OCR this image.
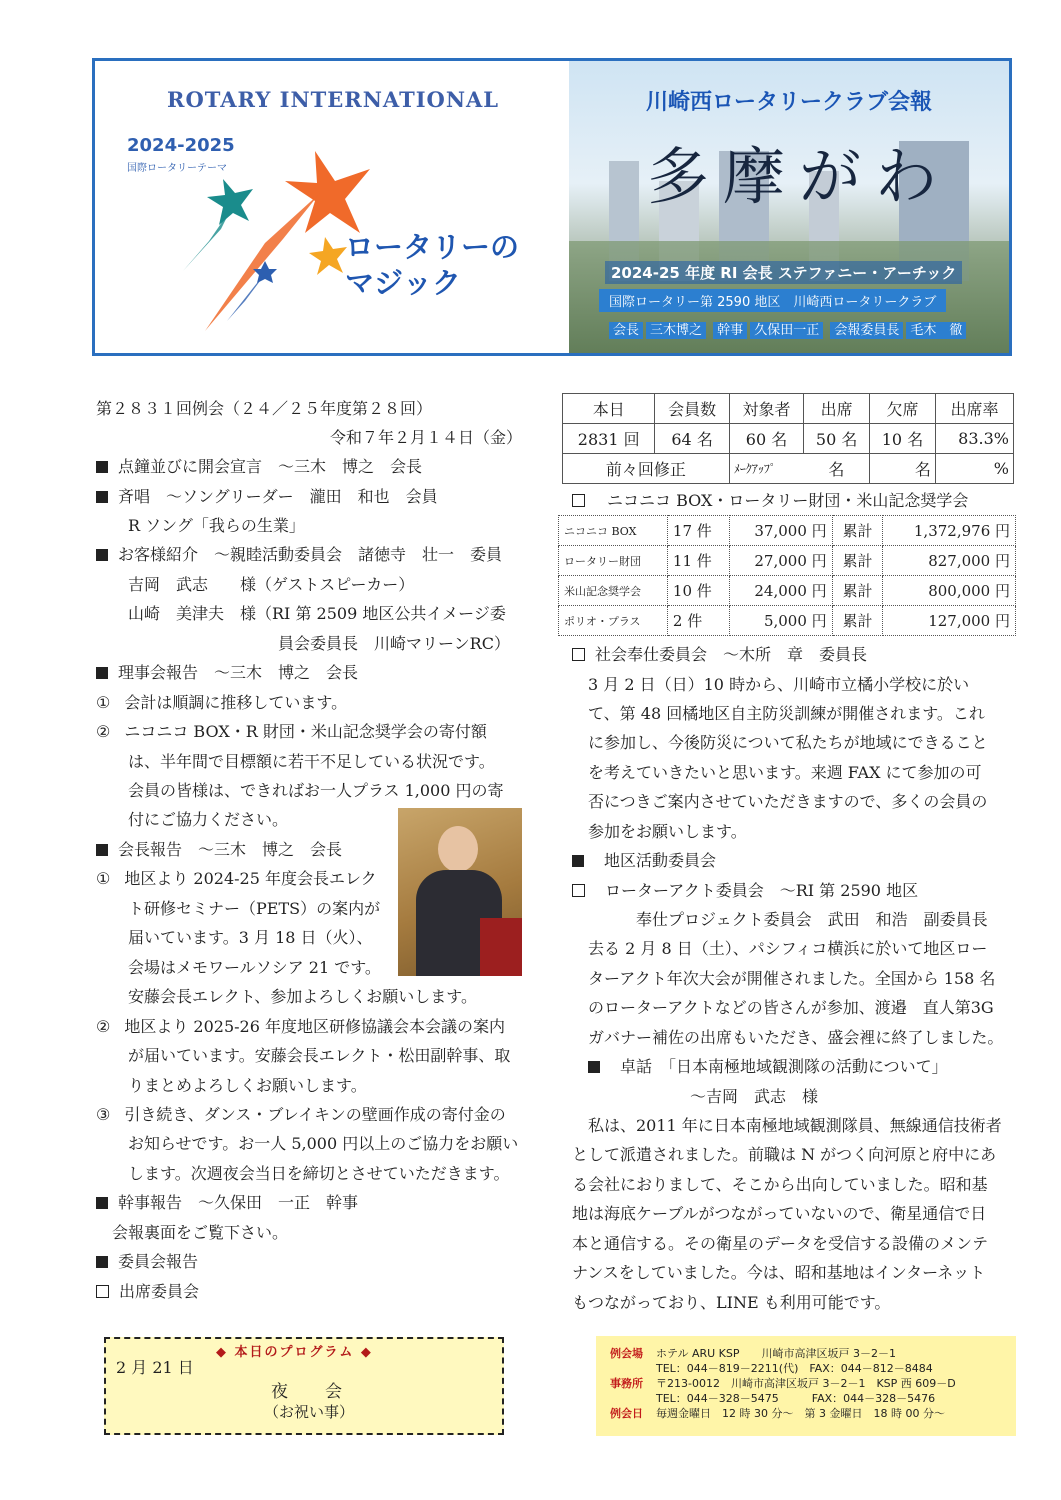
ROTARY INTERNATIONAL
2024-2025
国際ロータリーテーマ
ロータリーの
マジック
川崎西ロータリークラブ会報
多摩がわ
2024-25 年度 RI 会長 ステファニー・アーチック
国際ロータリー第 2590 地区　川崎西ロータリークラブ
会長 三木博之 幹事 久保田一正 会報委員長 毛木　徹
第２８３１回例会（２４／２５年度第２８回）
令和７年２月１４日（金）
点鐘並びに開会宣言　～三木　博之　会長
斉唱　～ソングリーダー　瀧田　和也　会員
R ソング「我らの生業」
お客様紹介　～親睦活動委員会　諸徳寺　壮一　委員
吉岡　武志　　様（ゲストスピーカー）
山崎　美津夫　様（RI 第 2509 地区公共イメージ委
員会委員長　川崎マリーンRC）
理事会報告　～三木　博之　会長
① 会計は順調に推移しています。
② ニコニコ BOX・R 財団・米山記念奨学会の寄付額
は、半年間で目標額に若干不足している状況です。
会員の皆様は、できればお一人プラス 1,000 円の寄
付にご協力ください。
会長報告　～三木　博之　会長
① 地区より 2024-25 年度会長エレク
ト研修セミナー（PETS）の案内が
届いています。3 月 18 日（火）、
会場はメモワールソシア 21 です。
安藤会長エレクト、参加よろしくお願いします。
② 地区より 2025-26 年度地区研修協議会本会議の案内
が届いています。安藤会長エレクト・松田副幹事、取
りまとめよろしくお願いします。
③ 引き続き、ダンス・ブレイキンの壁画作成の寄付金の
お知らせです。お一人 5,000 円以上のご協力をお願い
します。次週夜会当日を締切とさせていただきます。
幹事報告　～久保田　一正　幹事
会報裏面をご覧下さい。
委員会報告
出席委員会
本日	会員数	対象者	出席	欠席	出席率
2831 回	64 名	60 名	50 名	10 名	83.3%
前々回修正		ﾒｰｸｱｯﾌﾟ	名	名	%
ニコニコ BOX・ロータリー財団・米山記念奨学会
ニコニコ BOX	17 件	37,000 円	累計	1,372,976 円
ロータリー財団	11 件	27,000 円	累計	827,000 円
米山記念奨学会	10 件	24,000 円	累計	800,000 円
ポリオ・プラス	2 件	5,000 円	累計	127,000 円
社会奉仕委員会　～木所　章　委員長
3 月 2 日（日）10 時から、川崎市立橘小学校に於い
て、第 48 回橘地区自主防災訓練が開催されます。これ
に参加し、今後防災について私たちが地域にできること
を考えていきたいと思います。来週 FAX にて参加の可
否につきご案内させていただきますので、多くの会員の
参加をお願いします。
地区活動委員会
ローターアクト委員会　～RI 第 2590 地区
奉仕プロジェクト委員会　武田　和浩　副委員長
去る 2 月 8 日（土）、パシフィコ横浜に於いて地区ロー
ターアクト年次大会が開催されました。全国から 158 名
のローターアクトなどの皆さんが参加、渡邉　直人第3G
ガバナー補佐の出席もいただき、盛会裡に終了しました。
卓話　「日本南極地域観測隊の活動について」
～吉岡　武志　様
私は、2011 年に日本南極地域観測隊員、無線通信技術者
として派遣されました。前職は N がつく向河原と府中にあ
る会社におりまして、そこから出向していました。昭和基
地は海底ケーブルがつながっていないので、衛星通信で日
本と通信する。その衛星のデータを受信する設備のメンテ
ナンスをしていました。今は、昭和基地はインターネット
もつながっており、LINE も利用可能です。
◆ 本日のプログラム ◆
2 月 21 日
夜　会
（お祝い事）
例会場 ホテル ARU KSP　　川崎市高津区坂戸 3－2－1
TEL：044－819－2211(代)　FAX：044－812－8484
事務所 〒213-0012　川崎市高津区坂戸 3－2－1　KSP 西 609－D
TEL：044－328－5475　　　FAX：044－328－5476
例会日 毎週金曜日　12 時 30 分～　第 3 金曜日　18 時 00 分～
